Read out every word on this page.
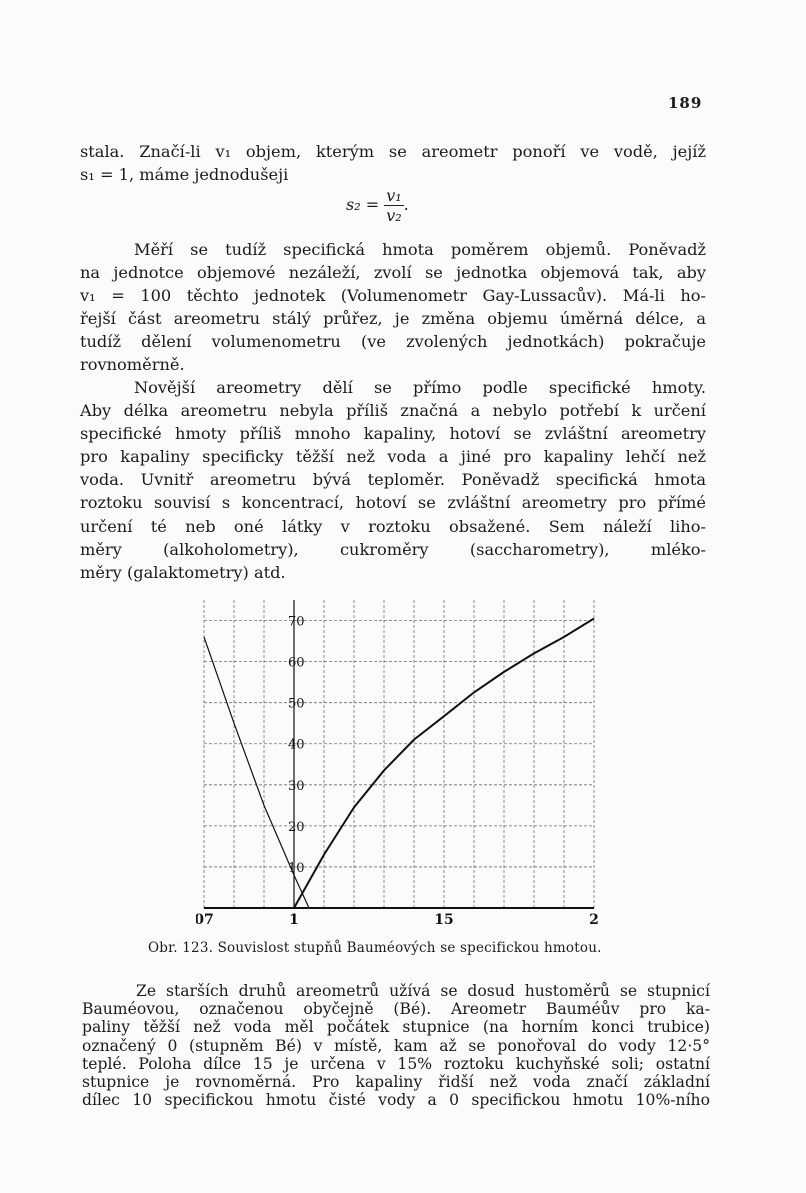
189

stala. Značí-li v₁ objem, kterým se areometr ponoří ve vodě, jejíž
s₁ = 1, máme jednodušeji

$s_2 = \frac{\text{v₁}}{\text{v₂}}$ .

Měří se tudíž specifická hmota poměrem objemů. Poněvadž
na jednotce objemové nezáleží, zvolí se jednotka objemová tak, aby
v₁ = 100 těchto jednotek (Volumenometr Gay-Lussacův). Má-li ho-
řejší část areometru stálý průřez, je změna objemu úměrná délce, a
tudíž dělení volumenometru (ve zvolených jednotkách) pokračuje
rovnoměrně.

Novější areometry dělí se přímo podle specifické hmoty.
Aby délka areometru nebyla příliš značná a nebylo potřebí k určení
specifické hmoty příliš mnoho kapaliny, hotoví se zvláštní areometry
pro kapaliny specificky těžší než voda a jiné pro kapaliny lehčí než
voda. Uvnitř areometru bývá teploměr. Poněvadž specifická hmota
roztoku souvisí s koncentrací, hotoví se zvláštní areometry pro přímé
určení té neb oné látky v roztoku obsažené. Sem náleží liho-
měry (alkoholometry), cukroměry (saccharometry), mléko-
měry (galaktometry) atd.

07	1	15	2
10
20
30
40
50
60
70
Obr. 123. Souvislost stupňů Bauméových se specifickou hmotou.
Ze starších druhů areometrů užívá se dosud hustoměrů se stupnicí
Bauméovou, označenou obyčejně (Bé). Areometr Bauméův pro ka-
paliny těžší než voda měl počátek stupnice (na horním konci trubice)
označený 0 (stupněm Bé) v místě, kam až se ponořoval do vody 12·5°
teplé. Poloha dílce 15 je určena v 15% roztoku kuchyňské soli; ostatní
stupnice je rovnoměrná. Pro kapaliny řidší než voda značí základní
dílec 10 specifickou hmotu čisté vody a 0 specifickou hmotu 10%-ního
